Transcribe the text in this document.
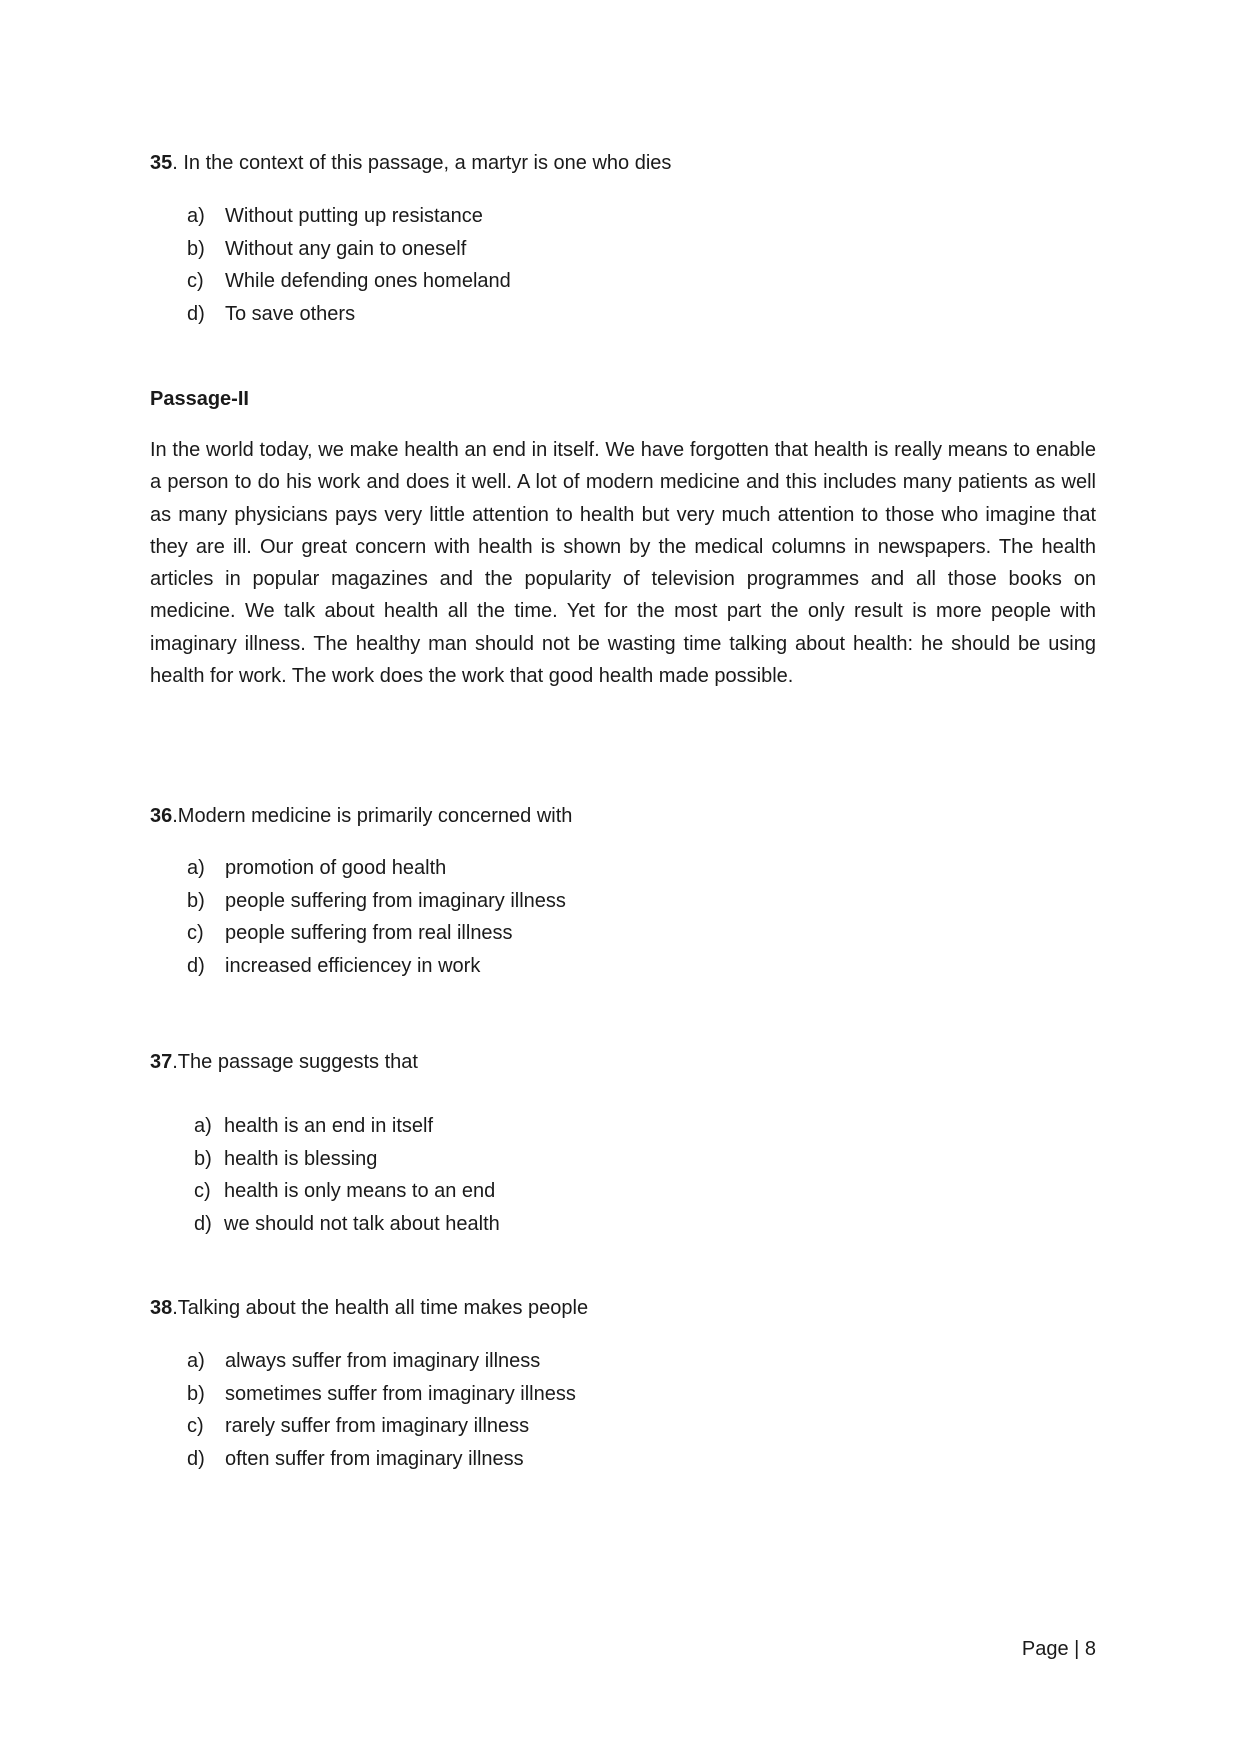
35. In the context of this passage, a martyr is one who dies

a)	Without putting up resistance
b)	Without any gain to oneself
c)	While defending ones homeland
d)	To save others
Passage-II

In the world today, we make health an end in itself. We have forgotten that health is really means to enable a person to do his work and does it well. A lot of modern medicine and this includes many patients as well as many physicians pays very little attention to health but very much attention to those who imagine that they are ill. Our great concern with health is shown by the medical columns in newspapers. The health articles in popular magazines and the popularity of television programmes and all those books on medicine. We talk about health all the time. Yet for the most part the only result is more people with imaginary illness. The healthy man should not be wasting time talking about health: he should be using health for work. The work does the work that good health made possible.

36.Modern medicine is primarily concerned with

a)	promotion of good health
b)	people suffering from imaginary illness
c)	people suffering from real illness
d)	increased efficiencey in work

37.The passage suggests that

a) health is an end in itself
b) health is blessing
c) health is only means to an end
d) we should not talk about health

38.Talking about the health all time makes people

a)	always suffer from imaginary illness
b)	sometimes suffer from imaginary illness
c)	rarely suffer from imaginary illness
d)	often suffer from imaginary illness
Page | 8
